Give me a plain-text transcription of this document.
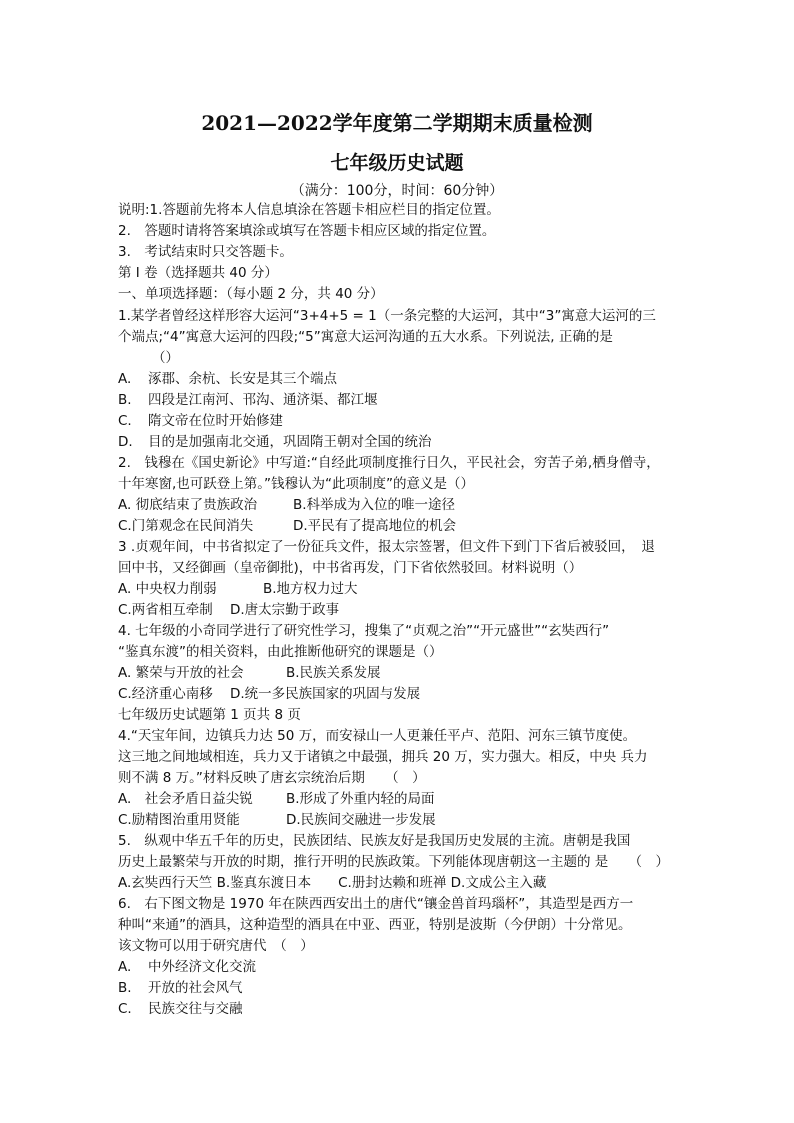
2021—2022学年度第二学期期末质量检测
七年级历史试题
（满分：100分，时间：60分钟）
说明:1.答题前先将本人信息填涂在答题卡相应栏目的指定位置。
2.　答题时请将答案填涂或填写在答题卡相应区域的指定位置。
3.　考试结束时只交答题卡。
第 I 卷（选择题共 40 分）
一、单项选择题：（每小题 2 分，共 40 分）
1.某学者曾经这样形容大运河“3+4+5 = 1（一条完整的大运河，其中“3”寓意大运河的三
个端点;“4”寓意大运河的四段;“5”寓意大运河沟通的五大水系。下列说法, 正确的是
（）
A. 涿郡、余杭、长安是其三个端点
B. 四段是江南河、邗沟、通济渠、都江堰
C. 隋文帝在位时开始修建
D. 目的是加强南北交通，巩固隋王朝对全国的统治
2.　钱穆在《国史新论》中写道:“自经此项制度推行日久，平民社会，穷苦子弟,栖身僧寺，
十年寒窗,也可跃登上第。”钱穆认为“此项制度”的意义是（）
A. 彻底结束了贵族政治	B.科举成为入位的唯一途径
C.门第观念在民间消失	D.平民有了提高地位的机会
3 .贞观年间，中书省拟定了一份征兵文件，报太宗签署，但文件下到门下省后被驳回，　退
回中书，又经御画（皇帝御批)，中书省再发，门下省依然驳回。材料说明（）
A. 中央权力削弱	B.地方权力过大
C.两省相互牵制 D.唐太宗勤于政事
4. 七年级的小奇同学进行了研究性学习，搜集了“贞观之治”“开元盛世”“玄奘西行”
“鉴真东渡”的相关资料，由此推断他研究的课题是（）
A. 繁荣与开放的社会	B.民族关系发展
C.经济重心南移 D.统一多民族国家的巩固与发展
七年级历史试题第 1 页共 8 页
4.“天宝年间，边镇兵力达 50 万，而安禄山一人更兼任平卢、范阳、河东三镇节度使。
这三地之间地域相连，兵力又于诸镇之中最强，拥兵 20 万，实力强大。相反，中央 兵力
则不满 8 万。”材料反映了唐玄宗统治后期　　（　）
A.　社会矛盾日益尖锐 B.形成了外重内轻的局面
C.励精图治重用贤能	D.民族间交融进一步发展
5.　纵观中华五千年的历史，民族团结、民族友好是我国历史发展的主流。唐朝是我国
历史上最繁荣与开放的时期，推行开明的民族政策。下列能体现唐朝这一主题的 是　　（　）
A.玄奘西行天竺 B.鉴真东渡日本　　C.册封达赖和班禅 D.文成公主入藏
6.　右下图文物是 1970 年在陕西西安出土的唐代“镶金兽首玛瑙杯”，其造型是西方一
种叫“来通”的酒具，这种造型的酒具在中亚、西亚，特别是波斯（今伊朗）十分常见。
该文物可以用于研究唐代　（　）
A. 中外经济文化交流
B. 开放的社会风气
C. 民族交往与交融
